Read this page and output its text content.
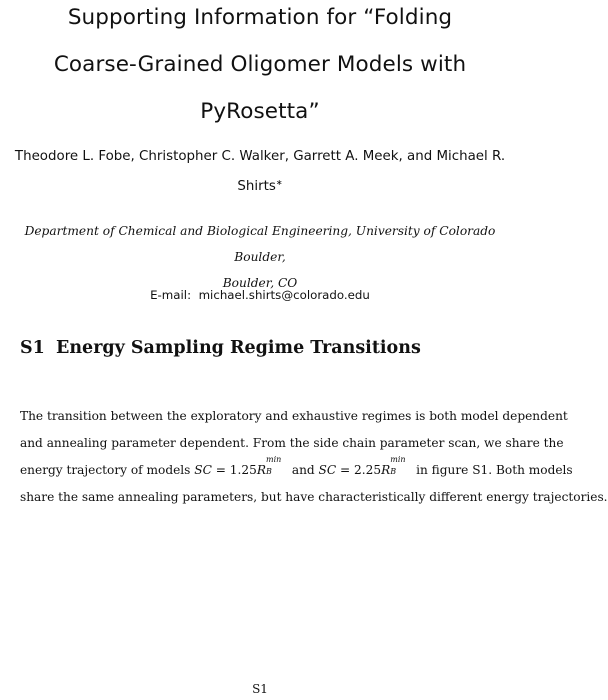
Supporting Information for “Folding
Coarse-Grained Oligomer Models with
PyRosetta”
Theodore L. Fobe, Christopher C. Walker, Garrett A. Meek, and Michael R.
Shirts∗
Department of Chemical and Biological Engineering, University of Colorado Boulder,
Boulder, CO
E-mail: michael.shirts@colorado.edu
S1 Energy Sampling Regime Transitions
The transition between the exploratory and exhaustive regimes is both model dependent
and annealing parameter dependent. From the side chain parameter scan, we share the
energy trajectory of models SC = 1.25R
min
B and SC = 2.25R
min
B in figure S1. Both models
share the same annealing parameters, but have characteristically different energy trajectories.
S1
